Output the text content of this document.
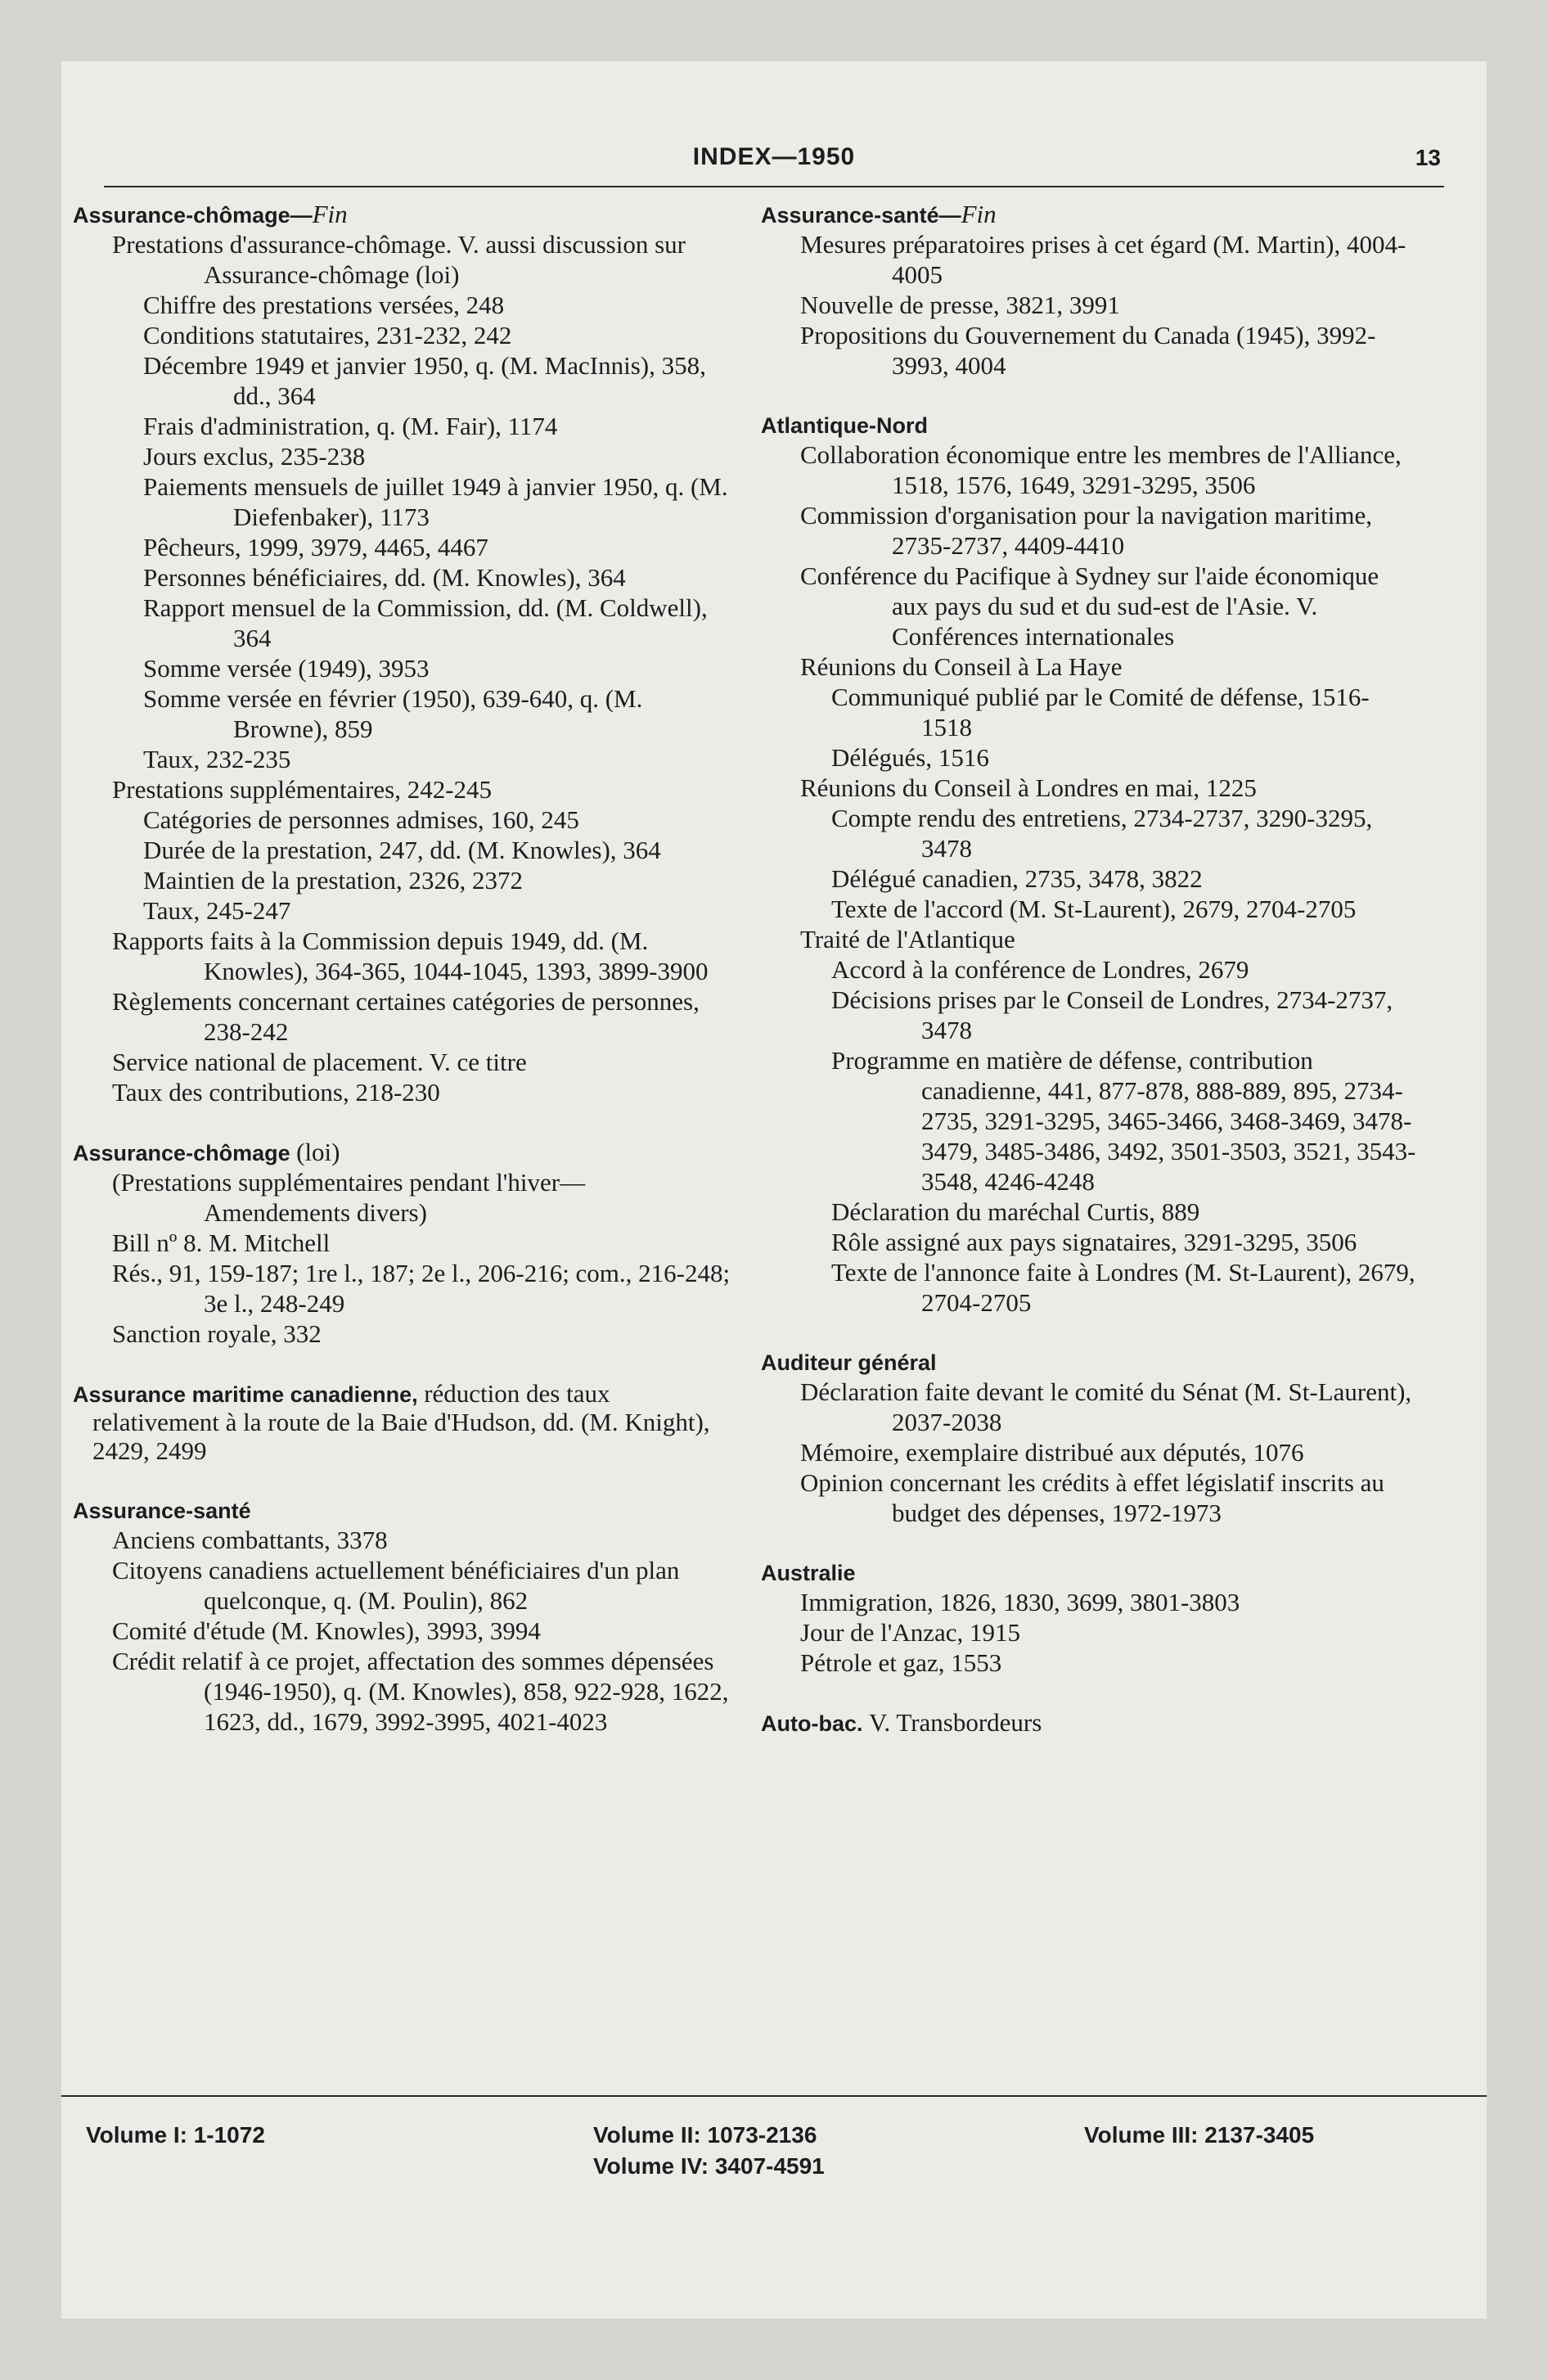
INDEX—1950	13
Assurance-chômage—Fin
Prestations d'assurance-chômage. V. aussi discussion sur Assurance-chômage (loi)
Chiffre des prestations versées, 248
Conditions statutaires, 231-232, 242
Décembre 1949 et janvier 1950, q. (M. MacInnis), 358, dd., 364
Frais d'administration, q. (M. Fair), 1174
Jours exclus, 235-238
Paiements mensuels de juillet 1949 à janvier 1950, q. (M. Diefenbaker), 1173
Pêcheurs, 1999, 3979, 4465, 4467
Personnes bénéficiaires, dd. (M. Knowles), 364
Rapport mensuel de la Commission, dd. (M. Coldwell), 364
Somme versée (1949), 3953
Somme versée en février (1950), 639-640, q. (M. Browne), 859
Taux, 232-235
Prestations supplémentaires, 242-245
Catégories de personnes admises, 160, 245
Durée de la prestation, 247, dd. (M. Knowles), 364
Maintien de la prestation, 2326, 2372
Taux, 245-247
Rapports faits à la Commission depuis 1949, dd. (M. Knowles), 364-365, 1044-1045, 1393, 3899-3900
Règlements concernant certaines catégories de personnes, 238-242
Service national de placement. V. ce titre
Taux des contributions, 218-230
Assurance-chômage (loi)
(Prestations supplémentaires pendant l'hiver—Amendements divers)
Bill nº 8. M. Mitchell
Rés., 91, 159-187; 1re l., 187; 2e l., 206-216; com., 216-248; 3e l., 248-249
Sanction royale, 332
Assurance maritime canadienne, réduction des taux relativement à la route de la Baie d'Hudson, dd. (M. Knight), 2429, 2499
Assurance-santé
Anciens combattants, 3378
Citoyens canadiens actuellement bénéficiaires d'un plan quelconque, q. (M. Poulin), 862
Comité d'étude (M. Knowles), 3993, 3994
Crédit relatif à ce projet, affectation des sommes dépensées (1946-1950), q. (M. Knowles), 858, 922-928, 1622, 1623, dd., 1679, 3992-3995, 4021-4023
Assurance-santé—Fin
Mesures préparatoires prises à cet égard (M. Martin), 4004-4005
Nouvelle de presse, 3821, 3991
Propositions du Gouvernement du Canada (1945), 3992-3993, 4004
Atlantique-Nord
Collaboration économique entre les membres de l'Alliance, 1518, 1576, 1649, 3291-3295, 3506
Commission d'organisation pour la navigation maritime, 2735-2737, 4409-4410
Conférence du Pacifique à Sydney sur l'aide économique aux pays du sud et du sud-est de l'Asie. V. Conférences internationales
Réunions du Conseil à La Haye
Communiqué publié par le Comité de défense, 1516-1518
Délégués, 1516
Réunions du Conseil à Londres en mai, 1225
Compte rendu des entretiens, 2734-2737, 3290-3295, 3478
Délégué canadien, 2735, 3478, 3822
Texte de l'accord (M. St-Laurent), 2679, 2704-2705
Traité de l'Atlantique
Accord à la conférence de Londres, 2679
Décisions prises par le Conseil de Londres, 2734-2737, 3478
Programme en matière de défense, contribution canadienne, 441, 877-878, 888-889, 895, 2734-2735, 3291-3295, 3465-3466, 3468-3469, 3478-3479, 3485-3486, 3492, 3501-3503, 3521, 3543-3548, 4246-4248
Déclaration du maréchal Curtis, 889
Rôle assigné aux pays signataires, 3291-3295, 3506
Texte de l'annonce faite à Londres (M. St-Laurent), 2679, 2704-2705
Auditeur général
Déclaration faite devant le comité du Sénat (M. St-Laurent), 2037-2038
Mémoire, exemplaire distribué aux députés, 1076
Opinion concernant les crédits à effet législatif inscrits au budget des dépenses, 1972-1973
Australie
Immigration, 1826, 1830, 3699, 3801-3803
Jour de l'Anzac, 1915
Pétrole et gaz, 1553
Auto-bac. V. Transbordeurs
Volume I: 1-1072	Volume II: 1073-2136
Volume IV: 3407-4591
Volume III: 2137-3405
